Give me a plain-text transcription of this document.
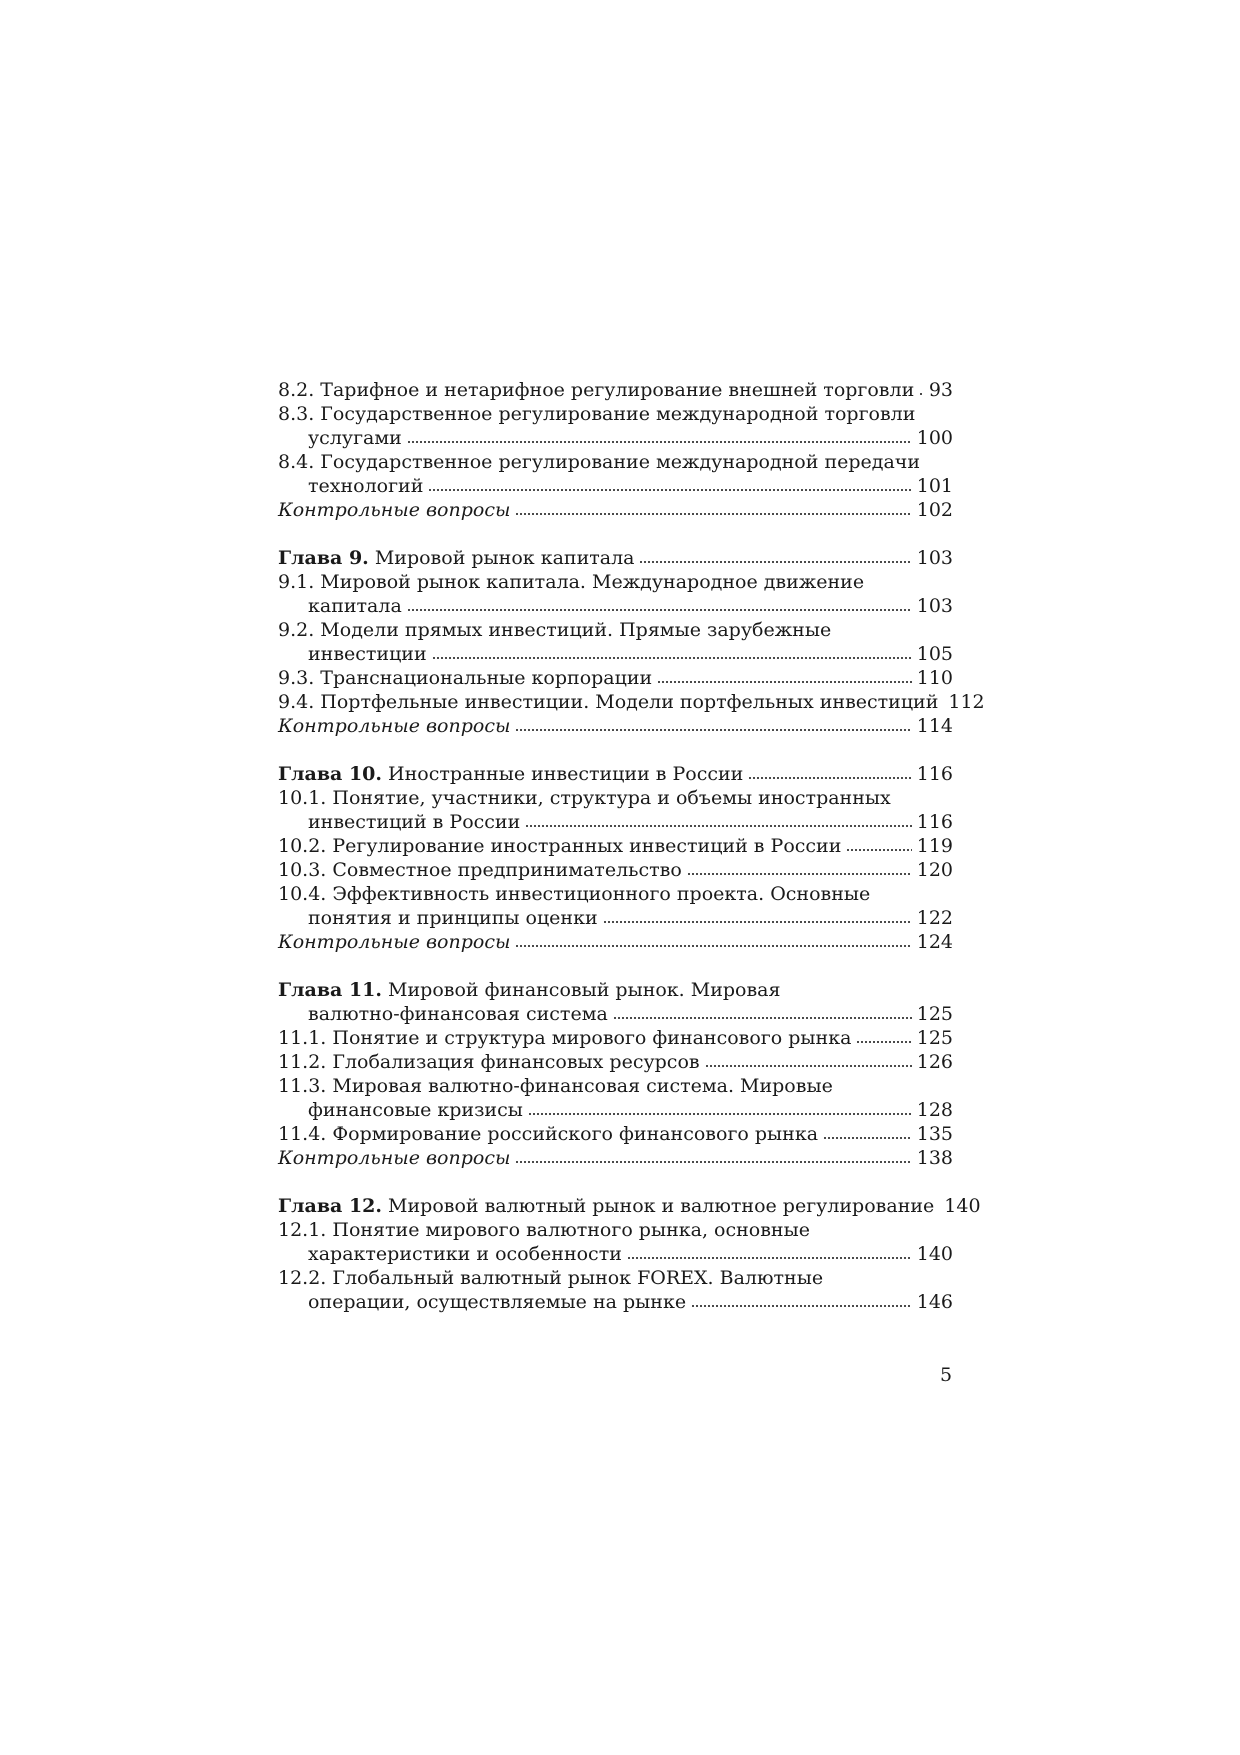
8.2. Тарифное и нетарифное регулирование внешней торговли 93
8.3. Государственное регулирование международной торговли
услугами	100
8.4. Государственное регулирование международной передачи
технологий	101
Контрольные вопросы	102
Глава 9. Мировой рынок капитала	103
9.1. Мировой рынок капитала. Международное движение
капитала	103
9.2. Модели прямых инвестиций. Прямые зарубежные
инвестиции	105
9.3. Транснациональные корпорации	110
9.4. Портфельные инвестиции. Модели портфельных инвестиций 112
Контрольные вопросы	114
Глава 10. Иностранные инвестиции в России	116
10.1. Понятие, участники, структура и объемы иностранных
инвестиций в России	116
10.2. Регулирование иностранных инвестиций в России	119
10.3. Совместное предпринимательство	120
10.4. Эффективность инвестиционного проекта. Основные
понятия и принципы оценки	122
Контрольные вопросы	124
Глава 11. Мировой финансовый рынок. Мировая
валютно-финансовая система	125
11.1. Понятие и структура мирового финансового рынка	125
11.2. Глобализация финансовых ресурсов	126
11.3. Мировая валютно-финансовая система. Мировые
финансовые кризисы	128
11.4. Формирование российского финансового рынка	135
Контрольные вопросы	138
Глава 12. Мировой валютный рынок и валютное регулирование 140
12.1. Понятие мирового валютного рынка, основные
характеристики и особенности	140
12.2. Глобальный валютный рынок FOREX. Валютные
операции, осуществляемые на рынке	146
5
